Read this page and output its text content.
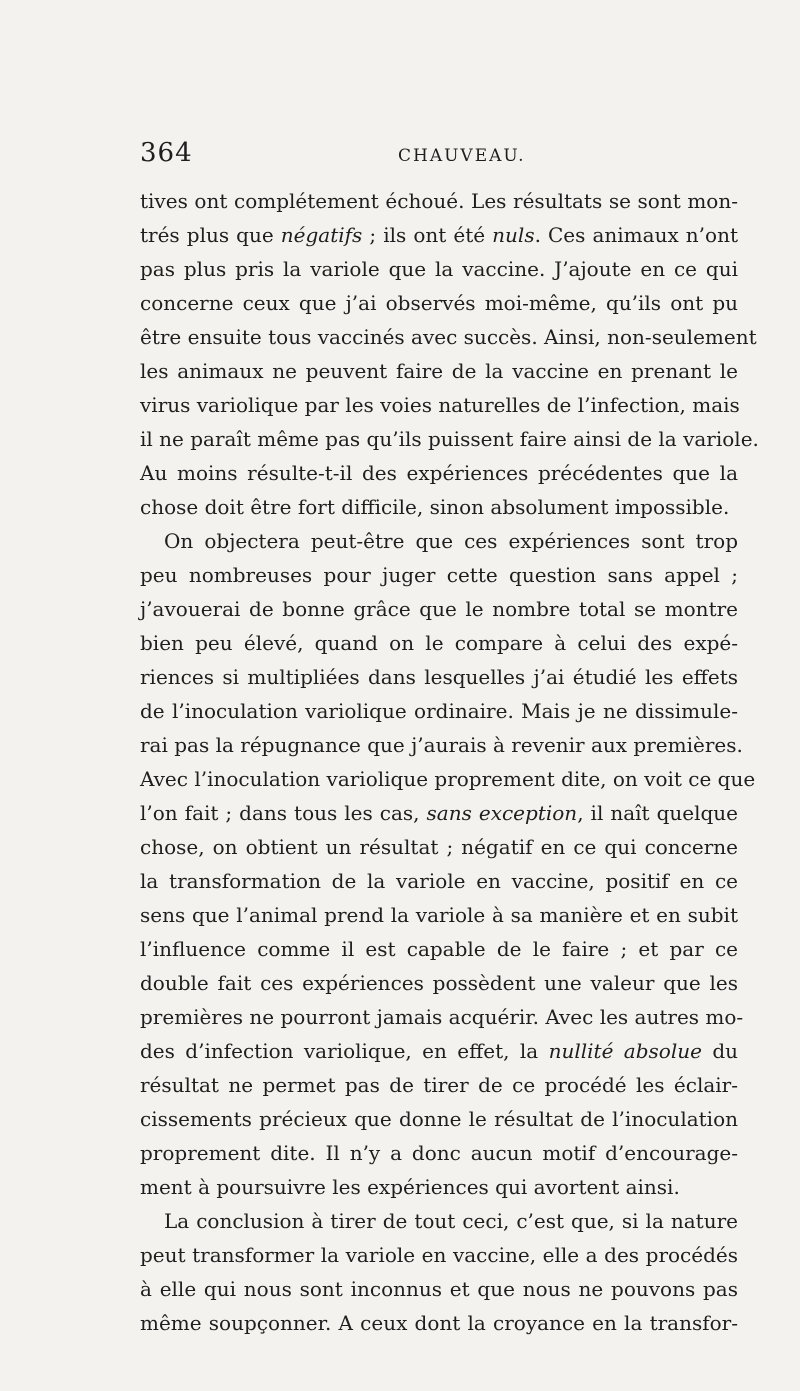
364	CHAUVEAU.
tives ont complétement échoué. Les résultats se sont mon-
trés plus que négatifs ; ils ont été nuls. Ces animaux n’ont
pas plus pris la variole que la vaccine. J’ajoute en ce qui
concerne ceux que j’ai observés moi-même, qu’ils ont pu
être ensuite tous vaccinés avec succès. Ainsi, non-seulement
les animaux ne peuvent faire de la vaccine en prenant le
virus variolique par les voies naturelles de l’infection, mais
il ne paraît même pas qu’ils puissent faire ainsi de la variole.
Au moins résulte-t-il des expériences précédentes que la
chose doit être fort difficile, sinon absolument impossible.
On objectera peut-être que ces expériences sont trop
peu nombreuses pour juger cette question sans appel ;
j’avouerai de bonne grâce que le nombre total se montre
bien peu élevé, quand on le compare à celui des expé-
riences si multipliées dans lesquelles j’ai étudié les effets
de l’inoculation variolique ordinaire. Mais je ne dissimule-
rai pas la répugnance que j’aurais à revenir aux premières.
Avec l’inoculation variolique proprement dite, on voit ce que
l’on fait ; dans tous les cas, sans exception, il naît quelque
chose, on obtient un résultat ; négatif en ce qui concerne
la transformation de la variole en vaccine, positif en ce
sens que l’animal prend la variole à sa manière et en subit
l’influence comme il est capable de le faire ; et par ce
double fait ces expériences possèdent une valeur que les
premières ne pourront jamais acquérir. Avec les autres mo-
des d’infection variolique, en effet, la nullité absolue du
résultat ne permet pas de tirer de ce procédé les éclair-
cissements précieux que donne le résultat de l’inoculation
proprement dite. Il n’y a donc aucun motif d’encourage-
ment à poursuivre les expériences qui avortent ainsi.
La conclusion à tirer de tout ceci, c’est que, si la nature
peut transformer la variole en vaccine, elle a des procédés
à elle qui nous sont inconnus et que nous ne pouvons pas
même soupçonner. A ceux dont la croyance en la transfor-
